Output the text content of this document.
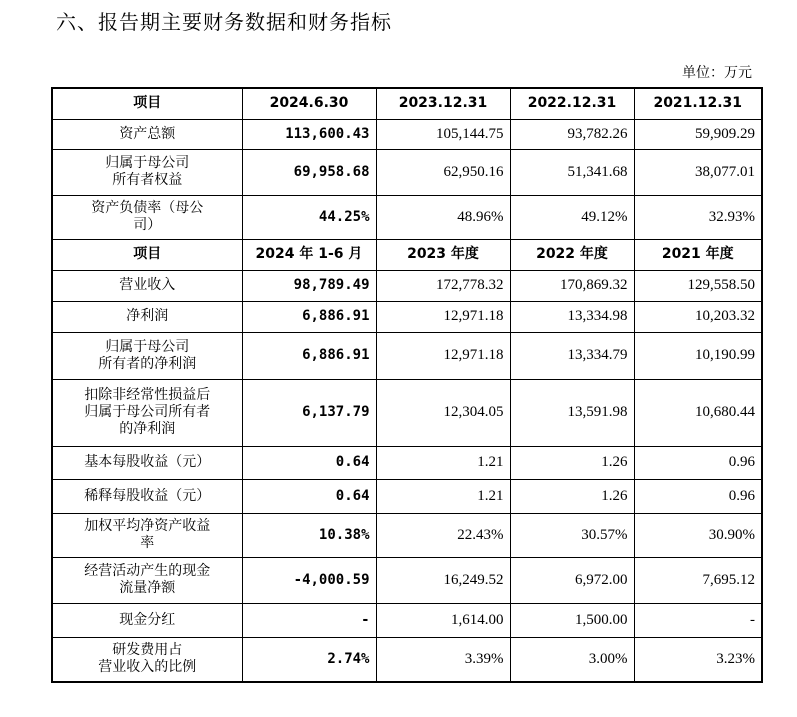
六、报告期主要财务数据和财务指标
单位：万元
项目	2024.6.30	2023.12.31	2022.12.31	2021.12.31
资产总额	113,600.43	105,144.75	93,782.26	59,909.29
归属于母公司
所有者权益	69,958.68	62,950.16	51,341.68	38,077.01
资产负债率（母公
司）	44.25%	48.96%	49.12%	32.93%
项目	2024 年 1-6 月	2023 年度	2022 年度	2021 年度
营业收入	98,789.49	172,778.32	170,869.32	129,558.50
净利润	6,886.91	12,971.18	13,334.98	10,203.32
归属于母公司
所有者的净利润	6,886.91	12,971.18	13,334.79	10,190.99
扣除非经常性损益后
归属于母公司所有者
的净利润	6,137.79	12,304.05	13,591.98	10,680.44
基本每股收益（元）	0.64	1.21	1.26	0.96
稀释每股收益（元）	0.64	1.21	1.26	0.96
加权平均净资产收益
率	10.38%	22.43%	30.57%	30.90%
经营活动产生的现金
流量净额	-4,000.59	16,249.52	6,972.00	7,695.12
现金分红	-	1,614.00	1,500.00	-
研发费用占
营业收入的比例	2.74%	3.39%	3.00%	3.23%
